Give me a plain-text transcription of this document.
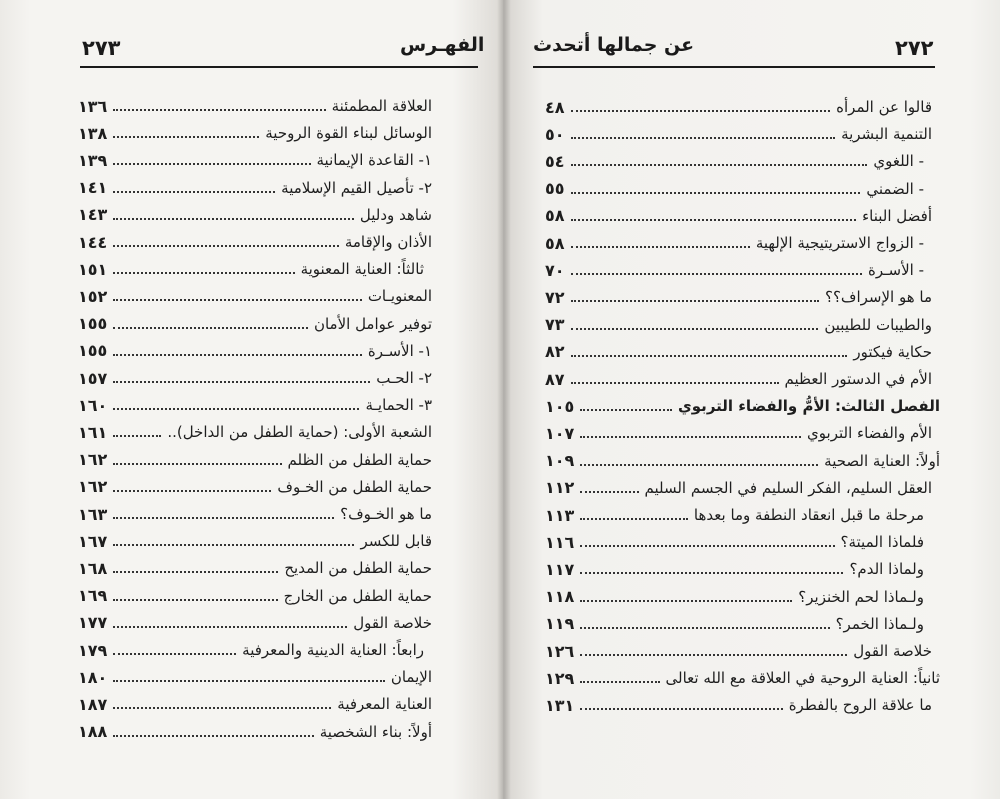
٢٧٣	الفهـرس
العلاقة المطمئنة
١٣٦
الوسائل لبناء القوة الروحية
١٣٨
١- القاعدة الإيمانية
١٣٩
٢- تأصيل القيم الإسلامية
١٤١
شاهد ودليل
١٤٣
الأذان والإقامة
١٤٤
ثالثاً: العناية المعنوية
١٥١
المعنويـات
١٥٢
توفير عوامل الأمان
١٥٥
١- الأسـرة
١٥٥
٢- الحـب
١٥٧
٣- الحمايـة
١٦٠
الشعبة الأولى: (حماية الطفل من الداخل)..
١٦١
حماية الطفل من الظلم
١٦٢
حماية الطفل من الخـوف
١٦٢
ما هو الخـوف؟
١٦٣
قابل للكسر
١٦٧
حماية الطفل من المديح
١٦٨
حماية الطفل من الخارج
١٦٩
خلاصة القول
١٧٧
رابعاً: العناية الدينية والمعرفية
١٧٩
الإيمان
١٨٠
العناية المعرفية
١٨٧
أولاً: بناء الشخصية
١٨٨
٢٧٢
عن جمالها أتحدث
قالوا عن المرأه
٤٨
التنمية البشرية
٥٠
- اللغوي
٥٤
- الضمني
٥٥
أفضل البناء
٥٨
- الزواج الاستريتيجية الإلهية
٥٨
- الأسـرة
٧٠
ما هو الإسراف؟؟
٧٢
والطيبات للطيبين
٧٣
حكاية فيكتور
٨٢
الأم في الدستور العظيم
٨٧
الفصل الثالث: الأمُّ والفضاء التربوي
١٠٥
الأم والفضاء التربوي
١٠٧
أولاً: العناية الصحية
١٠٩
العقل السليم، الفكر السليم في الجسم السليم
١١٢
مرحلة ما قبل انعقاد النطفة وما بعدها
١١٣
فلماذا الميتة؟
١١٦
ولماذا الدم؟
١١٧
ولـماذا لحم الخنزير؟
١١٨
ولـماذا الخمر؟
١١٩
خلاصة القول
١٢٦
ثانياً: العناية الروحية في العلاقة مع الله تعالى
١٢٩
ما علاقة الروح بالفطرة
١٣١
